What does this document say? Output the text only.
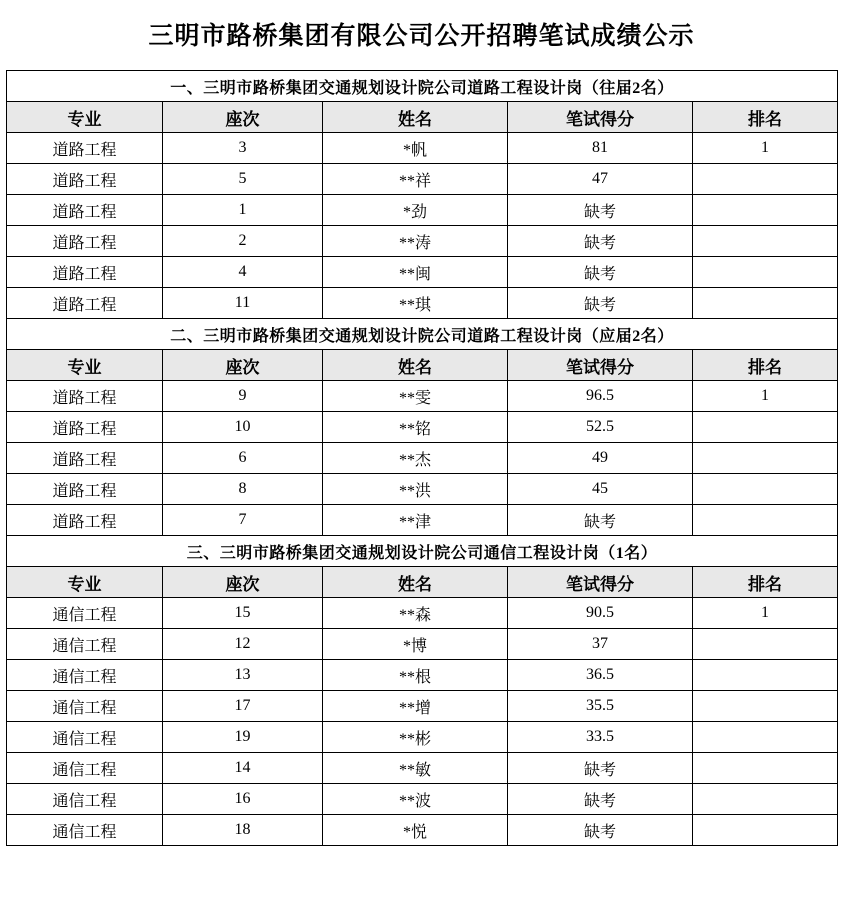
三明市路桥集团有限公司公开招聘笔试成绩公示
一、三明市路桥集团交通规划设计院公司道路工程设计岗（往届2名）				
专业	座次	姓名	笔试得分	排名
道路工程	3	*帆	81	1
道路工程	5	**祥	47	
道路工程	1	*劲	缺考	
道路工程	2	**涛	缺考	
道路工程	4	**闽	缺考	
道路工程	11	**琪	缺考	
二、三明市路桥集团交通规划设计院公司道路工程设计岗（应届2名）				
专业	座次	姓名	笔试得分	排名
道路工程	9	**雯	96.5	1
道路工程	10	**铭	52.5	
道路工程	6	**杰	49	
道路工程	8	**洪	45	
道路工程	7	**津	缺考	
三、三明市路桥集团交通规划设计院公司通信工程设计岗（1名）				
专业	座次	姓名	笔试得分	排名
通信工程	15	**森	90.5	1
通信工程	12	*博	37	
通信工程	13	**根	36.5	
通信工程	17	**增	35.5	
通信工程	19	**彬	33.5	
通信工程	14	**敏	缺考	
通信工程	16	**波	缺考	
通信工程	18	*悦	缺考	
